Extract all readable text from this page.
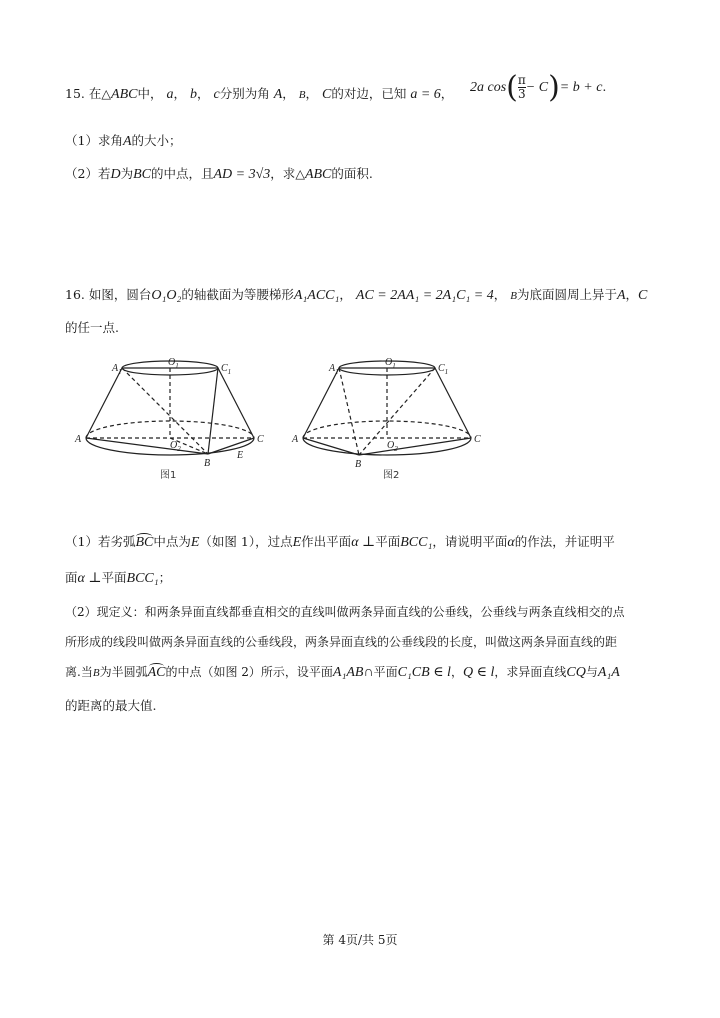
15. 在△ABC中， a， b， c分别为角 A， B， C的对边，已知 a = 6， 2a $\cos( \frac{\pi}{3} - C)= b + c$.
（1）求角A的大小；
（2）若D为BC的中点，且AD = 3√3，求△ABC的面积.
16. 如图，圆台O₁O₂的轴截面为等腰梯形A₁ACC₁， AC = 2AA₁ = 2A₁C₁ = 4， B为底面圆周上异于A，C
的任一点.
$A_1$
$O_1$	$C_1$
A
$O_2$
C
B
E
图1
$A_1$
$O_1$	$C_1$
A
$O_2$
C
B
图2
（1）若劣弧BC中点为E（如图 1），过点E作出平面α ⊥平面BCC₁，请说明平面α的作法，并证明平
面α ⊥平面BCC₁；
（2）现定义：和两条异面直线都垂直相交的直线叫做两条异面直线的公垂线，公垂线与两条直线相交的点
所形成的线段叫做两条异面直线的公垂线段，两条异面直线的公垂线段的长度，叫做这两条异面直线的距
离.当B为半圆弧AC的中点（如图 2）所示，设平面A₁AB∩平面C₁CB ∈ l，Q ∈ l，求异面直线CQ与A₁A
的距离的最大值.
第 4页/共 5页
